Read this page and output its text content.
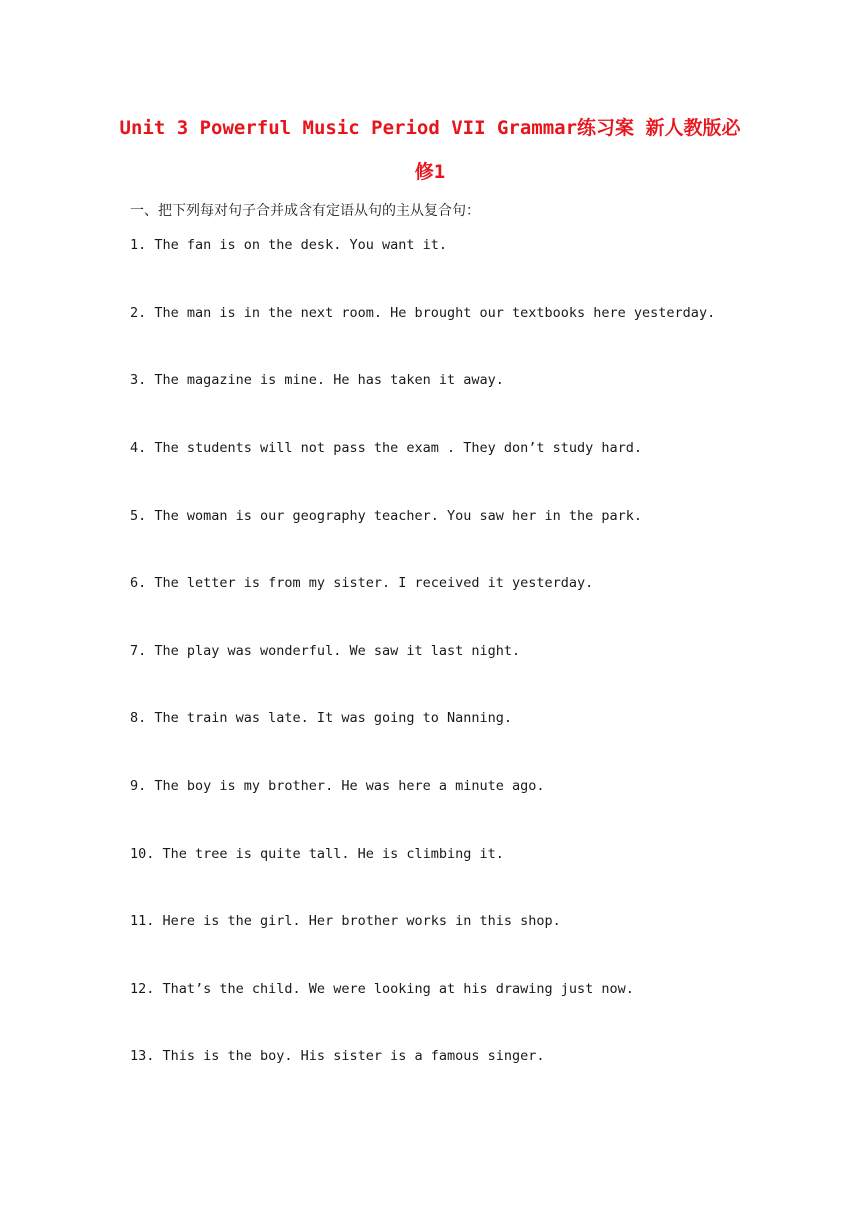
Unit 3 Powerful Music Period VII Grammar练习案 新人教版必
修1
一、把下列每对句子合并成含有定语从句的主从复合句：
1. The fan is on the desk. You want it.
2. The man is in the next room. He brought our textbooks here yesterday.
3. The magazine is mine. He has taken it away.
4. The students will not pass the exam . They don’t study hard.
5. The woman is our geography teacher. You saw her in the park.
6. The letter is from my sister. I received it yesterday.
7. The play was wonderful. We saw it last night.
8. The train was late. It was going to Nanning.
9. The boy is my brother. He was here a minute ago.
10. The tree is quite tall. He is climbing it.
11. Here is the girl. Her brother works in this shop.
12. That’s the child. We were looking at his drawing just now.
13. This is the boy. His sister is a famous singer.
